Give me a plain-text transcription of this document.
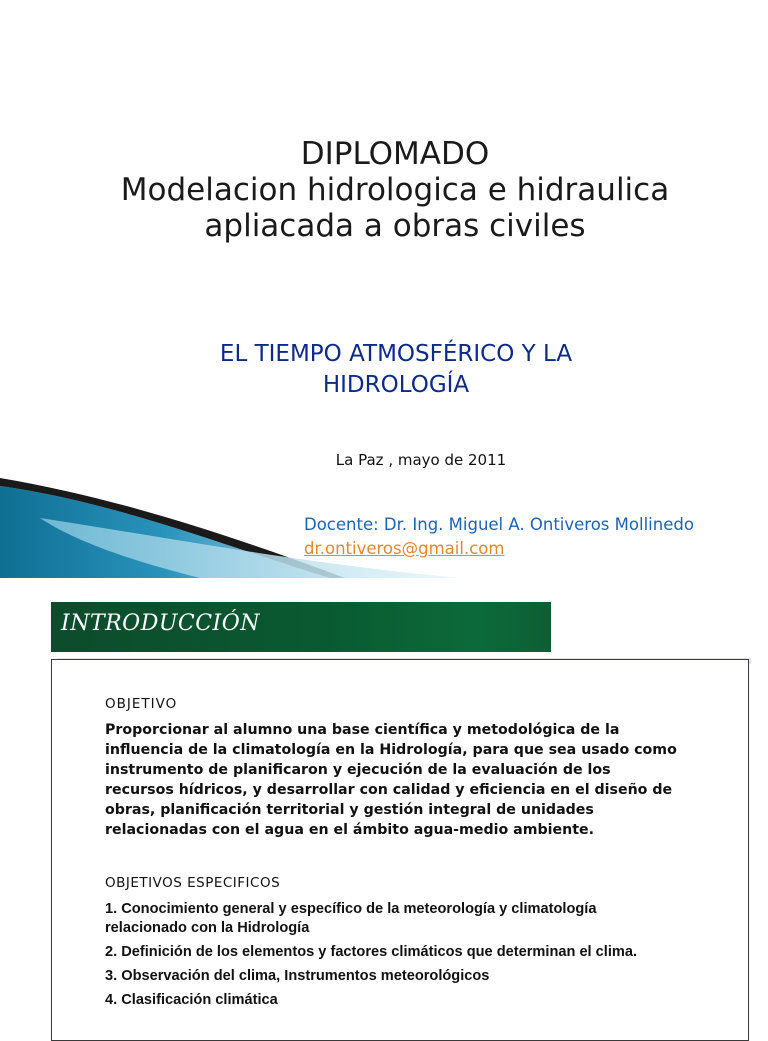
DIPLOMADO
Modelacion hidrologica e hidraulica
apliacada a obras civiles
EL TIEMPO ATMOSFÉRICO Y LA
HIDROLOGÍA
La Paz , mayo de 2011
Docente: Dr. Ing. Miguel A. Ontiveros Mollinedo
dr.ontiveros@gmail.com
INTRODUCCIÓN
OBJETIVO
Proporcionar al alumno una base científica y metodológica de la
influencia de la climatología en la Hidrología, para que sea usado como
instrumento de planificaron y ejecución de la evaluación de los
recursos hídricos, y desarrollar con calidad y eficiencia en el diseño de
obras, planificación territorial y gestión integral de unidades
relacionadas con el agua en el ámbito agua-medio ambiente.
OBJETIVOS ESPECIFICOS
1. Conocimiento general y específico de la meteorología y climatología
relacionado con la Hidrología
2. Definición de los elementos y factores climáticos que determinan el clima.
3. Observación del clima, Instrumentos meteorológicos
4. Clasificación climática
